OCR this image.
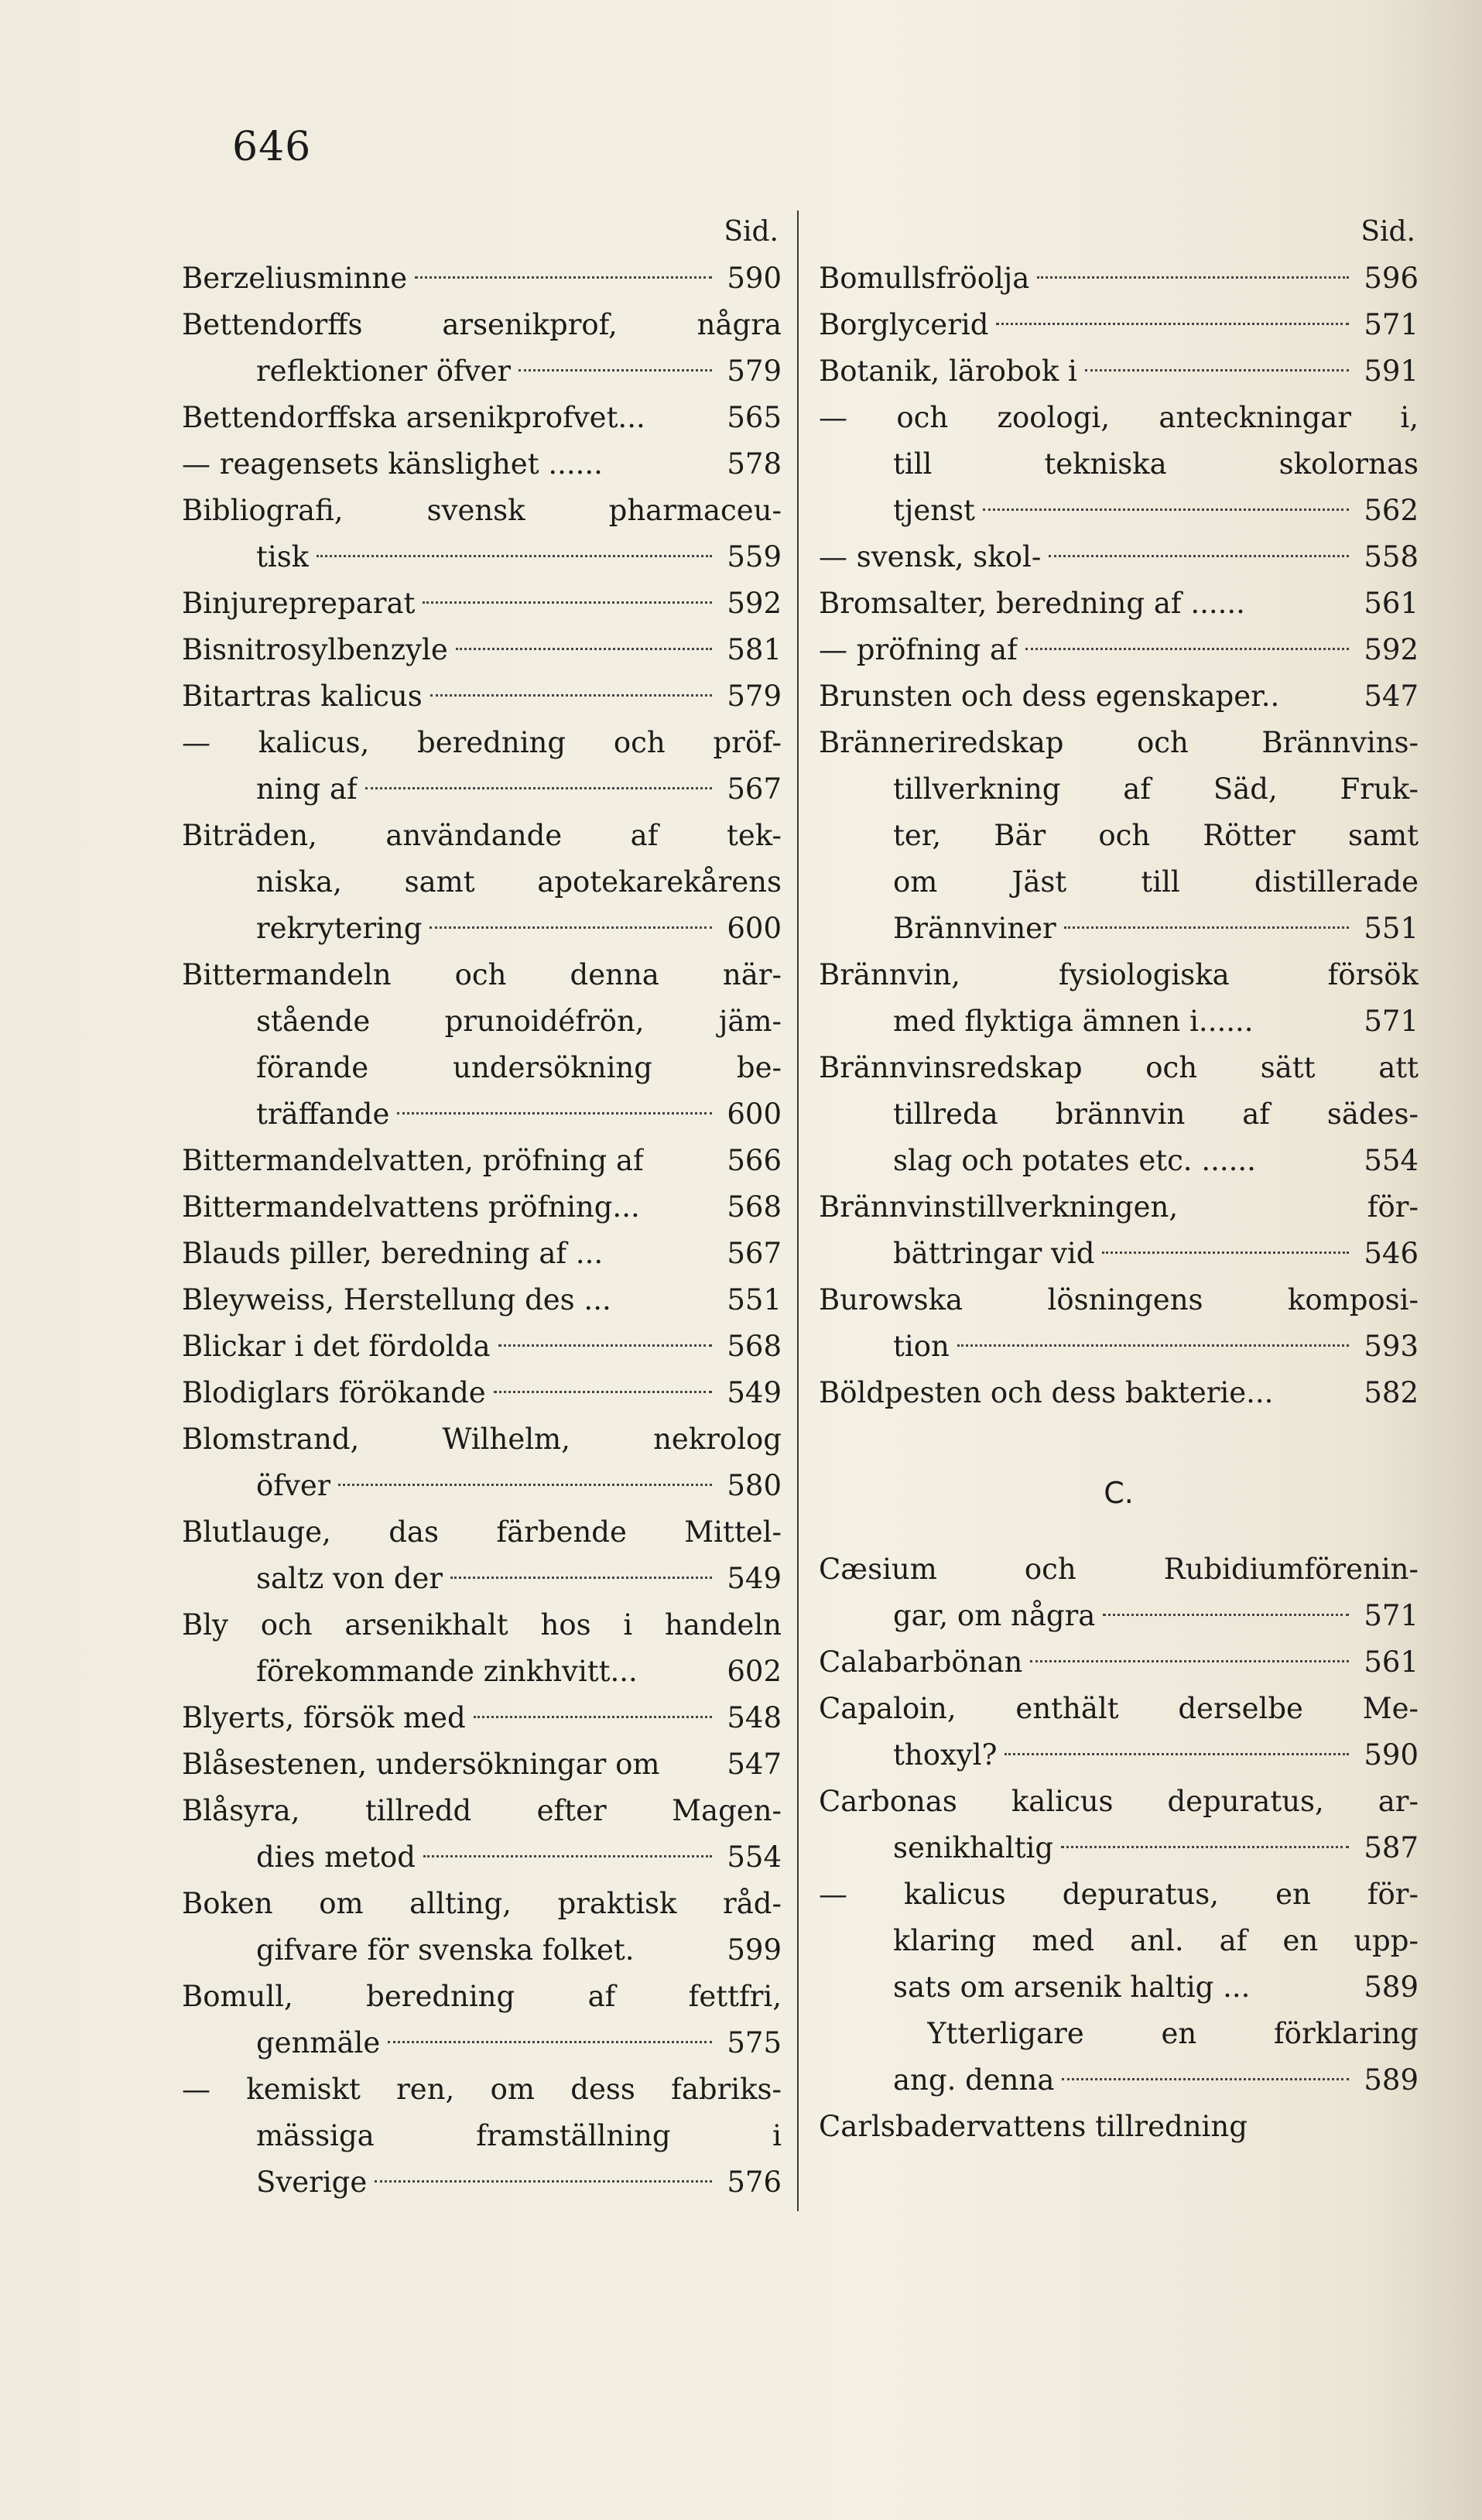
646
Sid.
Berzeliusminne	590
Bettendorffs arsenikprof, några
reflektioner öfver	579
Bettendorffska arsenikprofvet...	565
— reagensets känslighet ......	578
Bibliografi, svensk pharmaceu-
tisk	559
Binjurepreparat	592
Bisnitrosylbenzyle	581
Bitartras kalicus	579
— kalicus, beredning och pröf-
ning af	567
Biträden, användande af tek-
niska, samt apotekarekårens
rekrytering	600
Bittermandeln och denna när-
stående prunoidéfrön, jäm-
förande undersökning be-
träffande	600
Bittermandelvatten, pröfning af	566
Bittermandelvattens pröfning...	568
Blauds piller, beredning af ...	567
Bleyweiss, Herstellung des ...	551
Blickar i det fördolda	568
Blodiglars förökande	549
Blomstrand, Wilhelm, nekrolog
öfver	580
Blutlauge, das färbende Mittel-
saltz von der	549
Bly och arsenikhalt hos i handeln
förekommande zinkhvitt...	602
Blyerts, försök med	548
Blåsestenen, undersökningar om 547
Blåsyra, tillredd efter Magen-
dies metod	554
Boken om allting, praktisk råd-
gifvare för svenska folket.	599
Bomull, beredning af fettfri,
genmäle	575
— kemiskt ren, om dess fabriks-
mässiga framställning i
Sverige	576
Sid.
Bomullsfröolja	596
Borglycerid	571
Botanik, lärobok i	591
— och zoologi, anteckningar i,
till tekniska skolornas
tjenst	562
— svensk, skol-	558
Bromsalter, beredning af ......	561
— pröfning af	592
Brunsten och dess egenskaper..	547
Bränneriredskap och Brännvins-
tillverkning af Säd, Fruk-
ter, Bär och Rötter samt
om Jäst till distillerade
Brännviner	551
Brännvin, fysiologiska försök
med flyktiga ämnen i......	571
Brännvinsredskap och sätt att
tillreda brännvin af sädes-
slag och potates etc. ......	554
Brännvinstillverkningen, för-
bättringar vid	546
Burowska lösningens komposi-
tion	593
Böldpesten och dess bakterie...	582
C.
Cæsium och Rubidiumförenin-
gar, om några	571
Calabarbönan	561
Capaloin, enthält derselbe Me-
thoxyl?	590
Carbonas kalicus depuratus, ar-
senikhaltig	587
— kalicus depuratus, en för-
klaring med anl. af en upp-
sats om arsenik haltig ...	589
Ytterligare en förklaring
ang. denna	589
Carlsbadervattens tillredning
